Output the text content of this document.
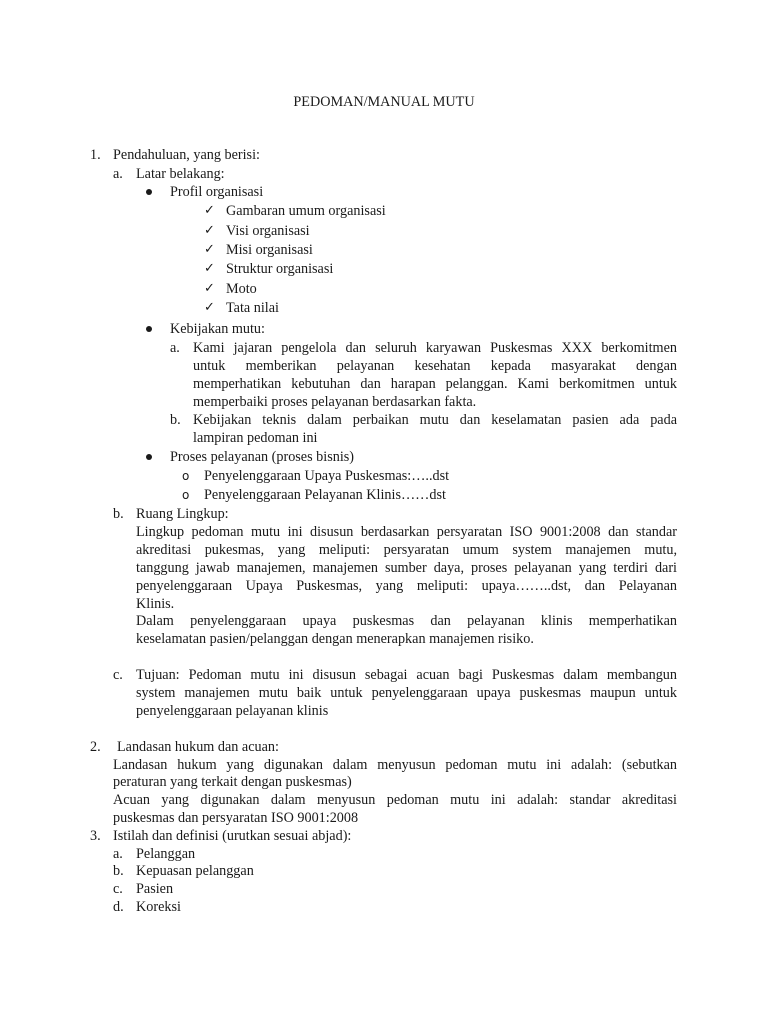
PEDOMAN/MANUAL MUTU
1. Pendahuluan, yang berisi:
a. Latar belakang:
Profil organisasi
✓ Gambaran umum organisasi
✓ Visi organisasi
✓ Misi organisasi
✓ Struktur organisasi
✓ Moto
✓ Tata nilai
Kebijakan mutu:
a. Kami jajaran pengelola dan seluruh karyawan Puskesmas XXX berkomitmen
untuk memberikan pelayanan kesehatan kepada masyarakat dengan
memperhatikan kebutuhan dan harapan pelanggan. Kami berkomitmen untuk
memperbaiki proses pelayanan berdasarkan fakta.
b. Kebijakan teknis dalam perbaikan mutu dan keselamatan pasien ada pada
lampiran pedoman ini
Proses pelayanan (proses bisnis)
o Penyelenggaraan Upaya Puskesmas:…..dst
o Penyelenggaraan Pelayanan Klinis……dst
b. Ruang Lingkup:
Lingkup pedoman mutu ini disusun berdasarkan persyaratan ISO 9001:2008 dan standar
akreditasi pukesmas, yang meliputi: persyaratan umum system manajemen mutu,
tanggung jawab manajemen, manajemen sumber daya, proses pelayanan yang terdiri dari
penyelenggaraan Upaya Puskesmas, yang meliputi: upaya……..dst, dan Pelayanan
Klinis.
Dalam penyelenggaraan upaya puskesmas dan pelayanan klinis memperhatikan
keselamatan pasien/pelanggan dengan menerapkan manajemen risiko.
c. Tujuan: Pedoman mutu ini disusun sebagai acuan bagi Puskesmas dalam membangun
system manajemen mutu baik untuk penyelenggaraan upaya puskesmas maupun untuk
penyelenggaraan pelayanan klinis
2. Landasan hukum dan acuan:
Landasan hukum yang digunakan dalam menyusun pedoman mutu ini adalah: (sebutkan
peraturan yang terkait dengan puskesmas)
Acuan yang digunakan dalam menyusun pedoman mutu ini adalah: standar akreditasi
puskesmas dan persyaratan ISO 9001:2008
3. Istilah dan definisi (urutkan sesuai abjad):
a. Pelanggan
b. Kepuasan pelanggan
c. Pasien
d. Koreksi
